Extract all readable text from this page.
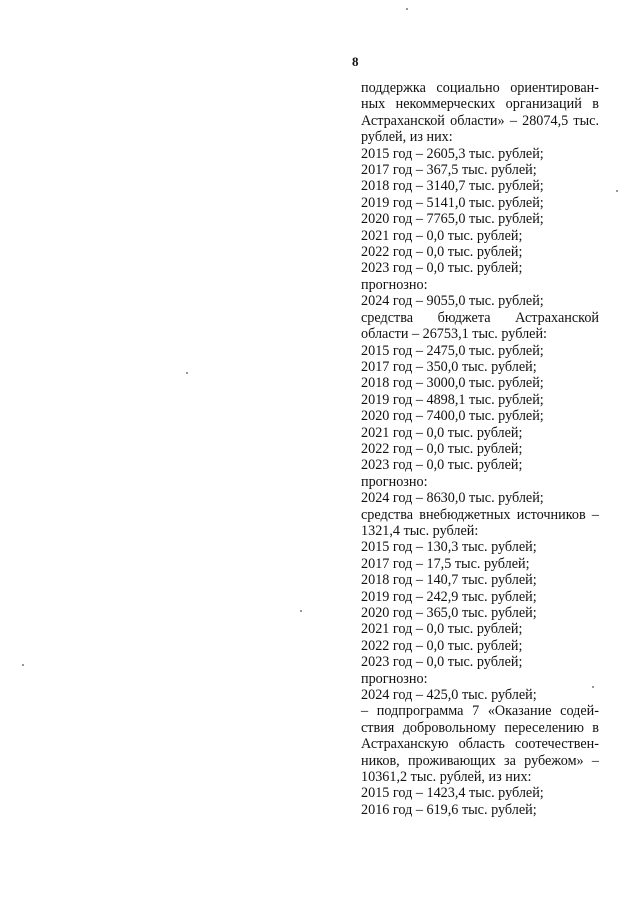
8
поддержка социально ориентирован-
ных некоммерческих организаций в
Астраханской области» – 28074,5 тыс.
рублей, из них:
2015 год – 2605,3 тыс. рублей;
2017 год – 367,5 тыс. рублей;
2018 год – 3140,7 тыс. рублей;
2019 год – 5141,0 тыс. рублей;
2020 год – 7765,0 тыс. рублей;
2021 год – 0,0 тыс. рублей;
2022 год – 0,0 тыс. рублей;
2023 год – 0,0 тыс. рублей;
прогнозно:
2024 год – 9055,0 тыс. рублей;
средства бюджета Астраханской
области – 26753,1 тыс. рублей:
2015 год – 2475,0 тыс. рублей;
2017 год – 350,0 тыс. рублей;
2018 год – 3000,0 тыс. рублей;
2019 год – 4898,1 тыс. рублей;
2020 год – 7400,0 тыс. рублей;
2021 год – 0,0 тыс. рублей;
2022 год – 0,0 тыс. рублей;
2023 год – 0,0 тыс. рублей;
прогнозно:
2024 год – 8630,0 тыс. рублей;
средства внебюджетных источников –
1321,4 тыс. рублей:
2015 год – 130,3 тыс. рублей;
2017 год – 17,5 тыс. рублей;
2018 год – 140,7 тыс. рублей;
2019 год – 242,9 тыс. рублей;
2020 год – 365,0 тыс. рублей;
2021 год – 0,0 тыс. рублей;
2022 год – 0,0 тыс. рублей;
2023 год – 0,0 тыс. рублей;
прогнозно:
2024 год – 425,0 тыс. рублей;
– подпрограмма 7 «Оказание содей-
ствия добровольному переселению в
Астраханскую область соотечествен-
ников, проживающих за рубежом» –
10361,2 тыс. рублей, из них:
2015 год – 1423,4 тыс. рублей;
2016 год – 619,6 тыс. рублей;
